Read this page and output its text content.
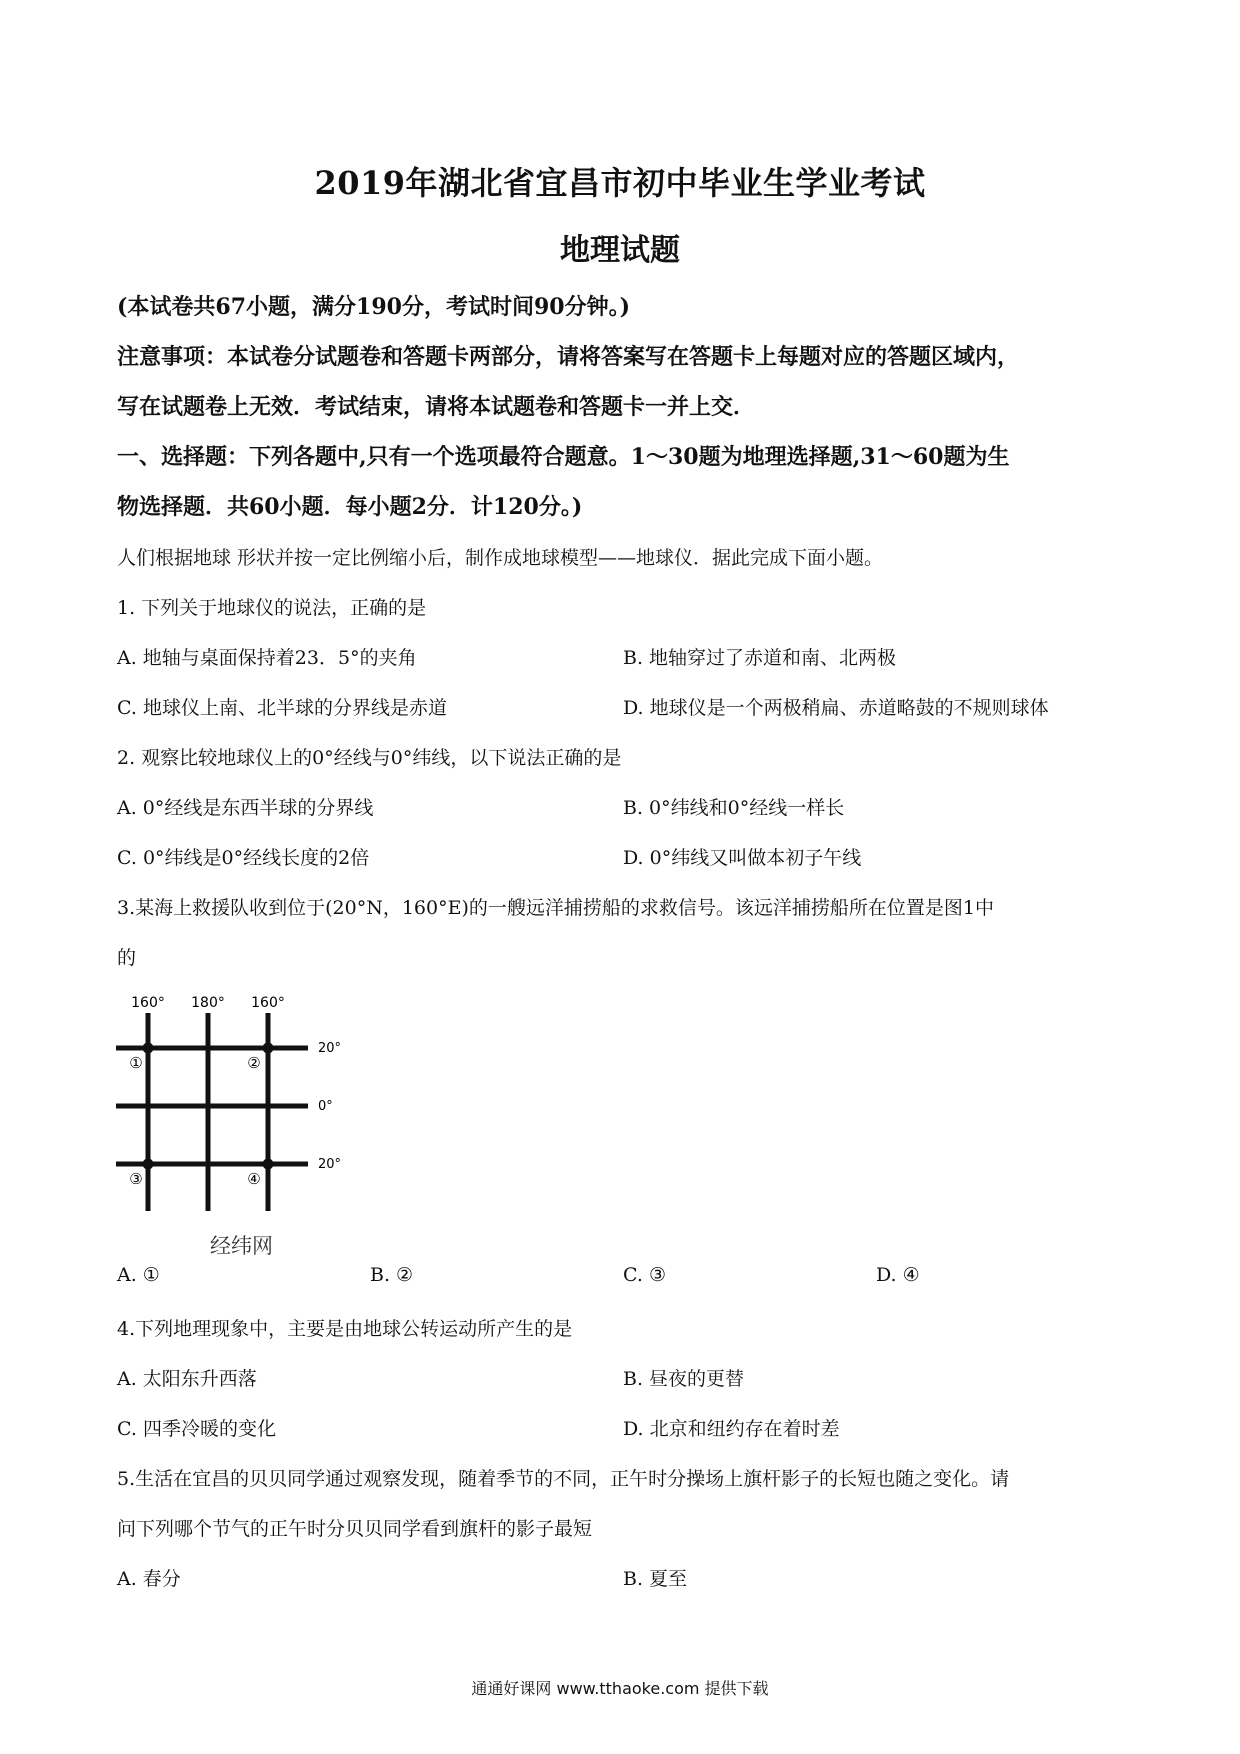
2019年湖北省宜昌市初中毕业生学业考试
地理试题
(本试卷共67小题，满分190分，考试时间90分钟。)
注意事项：本试卷分试题卷和答题卡两部分，请将答案写在答题卡上每题对应的答题区域内，
写在试题卷上无效．考试结束，请将本试题卷和答题卡一并上交．
一、选择题：下列各题中,只有一个选项最符合题意。1～30题为地理选择题,31～60题为生
物选择题．共60小题．每小题2分．计120分。)
人们根据地球 形状并按一定比例缩小后，制作成地球模型——地球仪．据此完成下面小题。
1. 下列关于地球仪的说法，正确的是
A. 地轴与桌面保持着23．5°的夹角	B. 地轴穿过了赤道和南、北两极
C. 地球仪上南、北半球的分界线是赤道	D. 地球仪是一个两极稍扁、赤道略鼓的不规则球体
2. 观察比较地球仪上的0°经线与0°纬线，以下说法正确的是
A. 0°经线是东西半球的分界线	B. 0°纬线和0°经线一样长
C. 0°纬线是0°经线长度的2倍	D. 0°纬线又叫做本初子午线
3.某海上救援队收到位于(20°N，160°E)的一艘远洋捕捞船的求救信号。该远洋捕捞船所在位置是图1中
的
160° 180° 160°
20°
0°
20°
①	②
③	④
经纬网
A. ①	B. ②	C. ③	D. ④
4.下列地理现象中，主要是由地球公转运动所产生的是
A. 太阳东升西落	B. 昼夜的更替
C. 四季冷暖的变化	D. 北京和纽约存在着时差
5.生活在宜昌的贝贝同学通过观察发现，随着季节的不同，正午时分操场上旗杆影子的长短也随之变化。请
问下列哪个节气的正午时分贝贝同学看到旗杆的影子最短
A. 春分	B. 夏至
通通好课网 www.tthaoke.com 提供下载
